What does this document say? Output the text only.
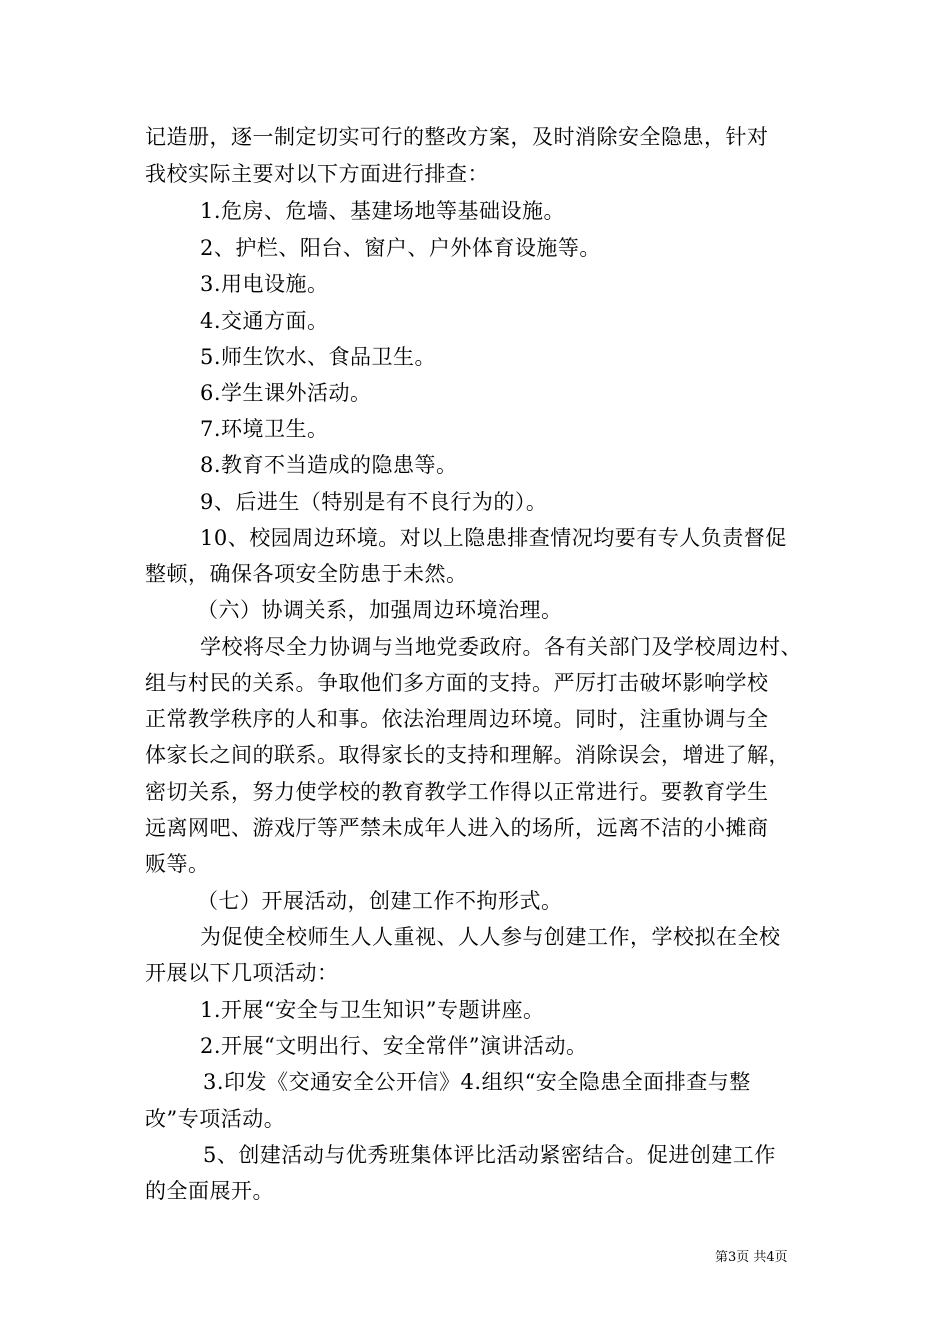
记造册，逐一制定切实可行的整改方案，及时消除安全隐患，针对
我校实际主要对以下方面进行排查：
1.危房、危墙、基建场地等基础设施。
2、护栏、阳台、窗户、户外体育设施等。
3.用电设施。
4.交通方面。
5.师生饮水、食品卫生。
6.学生课外活动。
7.环境卫生。
8.教育不当造成的隐患等。
9、后进生（特别是有不良行为的）。
10、校园周边环境。对以上隐患排查情况均要有专人负责督促
整顿，确保各项安全防患于未然。
（六）协调关系，加强周边环境治理。
学校将尽全力协调与当地党委政府。各有关部门及学校周边村、
组与村民的关系。争取他们多方面的支持。严厉打击破坏影响学校
正常教学秩序的人和事。依法治理周边环境。同时，注重协调与全
体家长之间的联系。取得家长的支持和理解。消除误会，增进了解，
密切关系，努力使学校的教育教学工作得以正常进行。要教育学生
远离网吧、游戏厅等严禁未成年人进入的场所，远离不洁的小摊商
贩等。
（七）开展活动，创建工作不拘形式。
为促使全校师生人人重视、人人参与创建工作，学校拟在全校
开展以下几项活动：
1.开展“安全与卫生知识”专题讲座。
2.开展“文明出行、安全常伴”演讲活动。
3.印发《交通安全公开信》4.组织“安全隐患全面排查与整
改”专项活动。
5、创建活动与优秀班集体评比活动紧密结合。促进创建工作
的全面展开。
第3页 共4页
